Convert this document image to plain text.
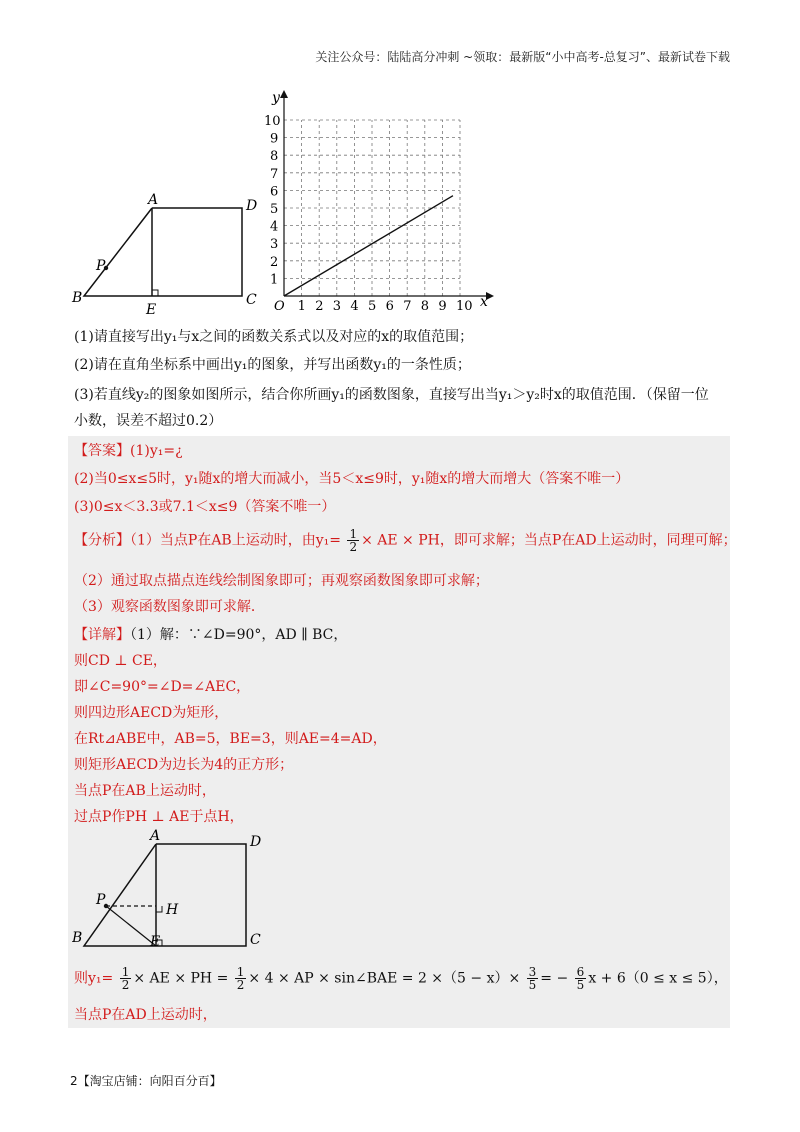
关注公众号：陆陆高分冲刺 ~领取：最新版“小中高考-总复习”、最新试卷下载
A	D
P
B
E
C
y
x
O 1 2 3 4 5 6 7 8 9 10
1
2
3
4
5
6
7
8
9
10
(1)请直接写出y₁与x之间的函数关系式以及对应的x的取值范围；
(2)请在直角坐标系中画出y₁的图象，并写出函数y₁的一条性质；
(3)若直线y₂的图象如图所示，结合你所画y₁的函数图象，直接写出当y₁＞y₂时x的取值范围．（保留一位
小数，误差不超过0.2）
【答案】(1)y₁=¿
(2)当0≤x≤5时，y₁随x的增大而减小，当5＜x≤9时，y₁随x的增大而增大（答案不唯一）
(3)0≤x＜3.3或7.1＜x≤9（答案不唯一）
【分析】（1）当点P在AB上运动时，由$y_1= \frac{1}{2}$ × AE × PH，即可求解；当点P在AD上运动时，同理可解；
（2）通过取点描点连线绘制图象即可；再观察函数图象即可求解；
（3）观察函数图象即可求解．
【详解】（1）解：∵∠D=90°，AD ∥ BC，
则CD ⊥ CE，
即∠C=90°=∠D=∠AEC，
则四边形AECD为矩形，
在Rt⊿ABE中，AB=5，BE=3，则AE=4=AD，
则矩形AECD为边长为4的正方形；
当点P在AB上运动时，
过点P作PH ⊥ AE于点H，
A	D
P
H
B	E	C
则$y_1= \frac{1}{2}$ × AE × PH = $\frac{1}{2} \times 4$ × AP × sin∠BAE = $2 \times(5 - x)\times \frac{3}{5}$ = − $\frac{6}{5}$ x + 6（0 ≤ x ≤ 5），
当点P在AD上运动时，
2【淘宝店铺：向阳百分百】
